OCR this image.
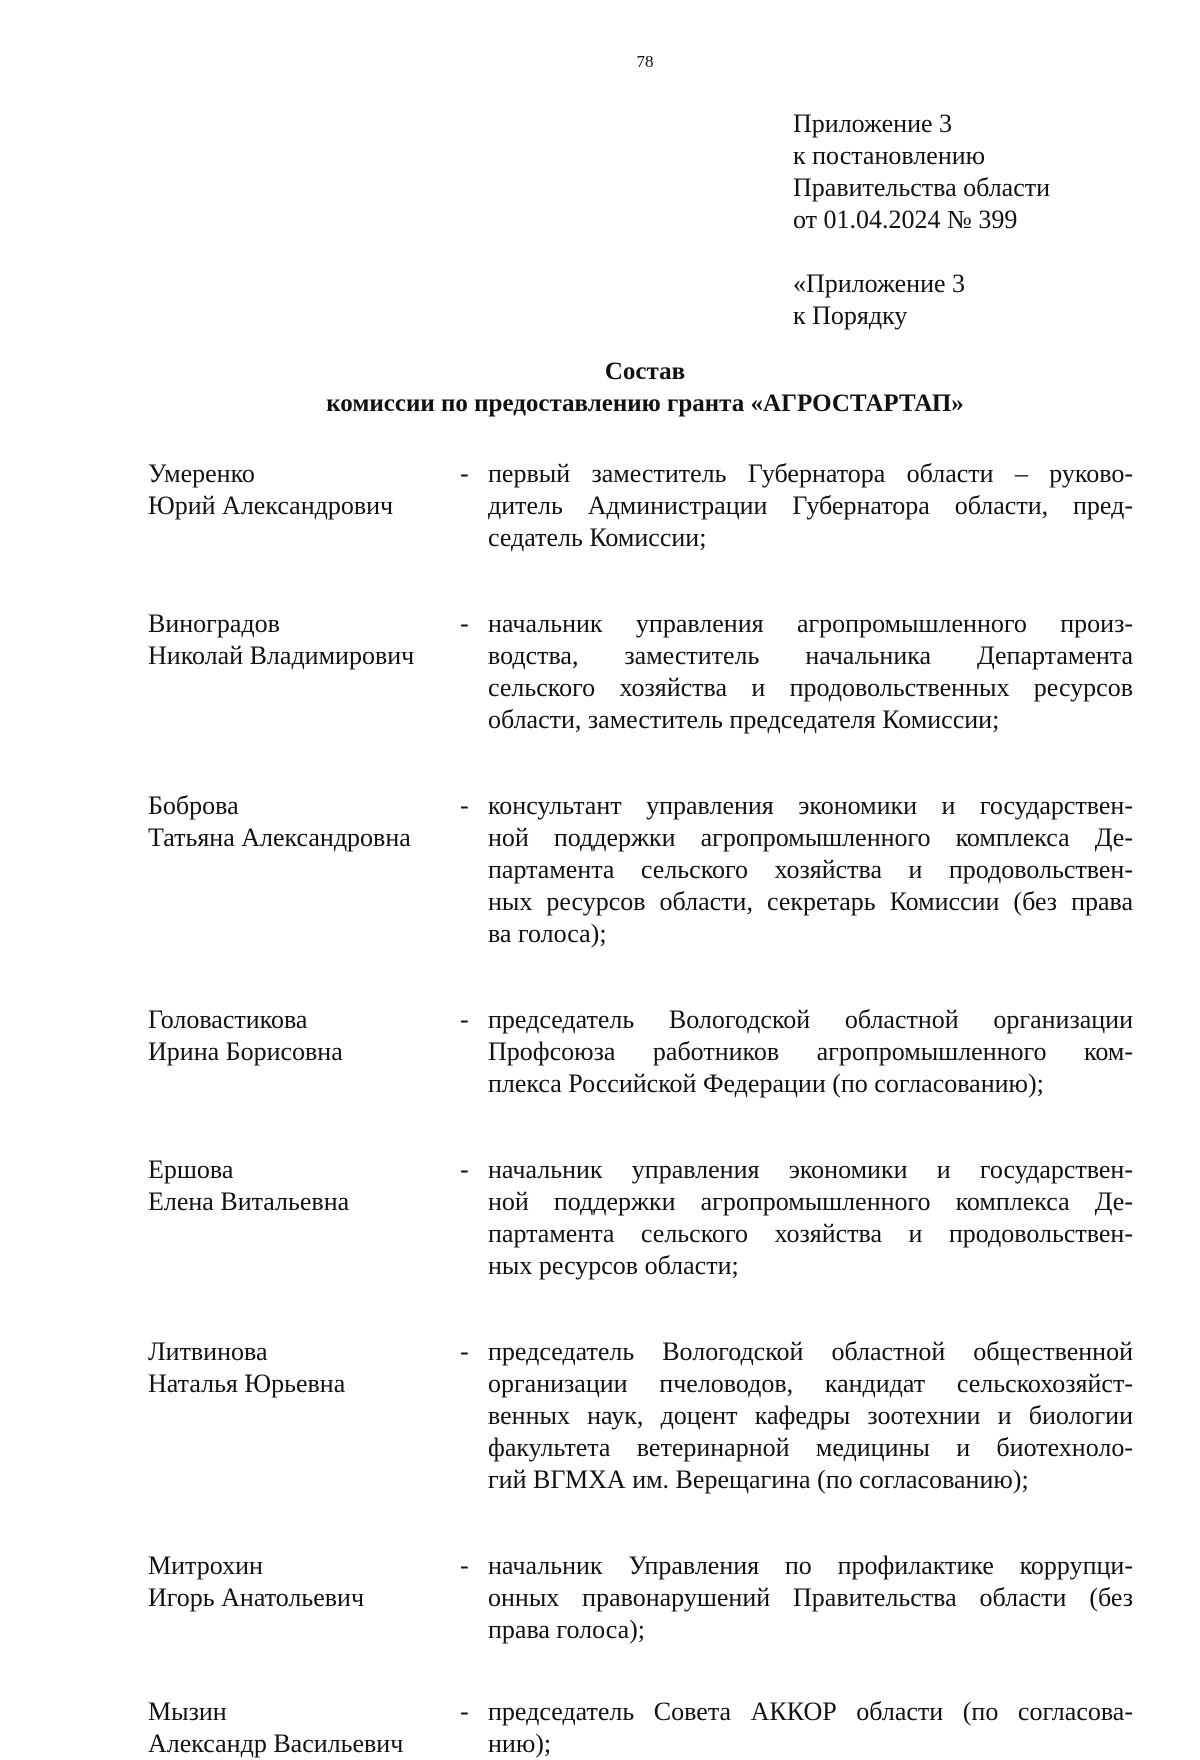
78
Приложение 3
к постановлению
Правительства области
от 01.04.2024 № 399
«Приложение 3
к Порядку
Состав
комиссии по предоставлению гранта «АГРОСТАРТАП»
Умеренко
Юрий Александрович
- первый заместитель Губернатора области – руково-
дитель Администрации Губернатора области, пред-
седатель Комиссии;
Виноградов
Николай Владимирович
- начальник управления агропромышленного произ-
водства, заместитель начальника Департамента
сельского хозяйства и продовольственных ресурсов
области, заместитель председателя Комиссии;
Боброва
Татьяна Александровна
- консультант управления экономики и государствен-
ной поддержки агропромышленного комплекса Де-
партамента сельского хозяйства и продовольствен-
ных ресурсов области, секретарь Комиссии (без права
ва голоса);
Головастикова
Ирина Борисовна
- председатель Вологодской областной организации
Профсоюза работников агропромышленного ком-
плекса Российской Федерации (по согласованию);
Ершова
Елена Витальевна
- начальник управления экономики и государствен-
ной поддержки агропромышленного комплекса Де-
партамента сельского хозяйства и продовольствен-
ных ресурсов области;
Литвинова
Наталья Юрьевна
- председатель Вологодской областной общественной
организации пчеловодов, кандидат сельскохозяйст-
венных наук, доцент кафедры зоотехнии и биологии
факультета ветеринарной медицины и биотехноло-
гий ВГМХА им. Верещагина (по согласованию);
Митрохин
Игорь Анатольевич
- начальник Управления по профилактике коррупци-
онных правонарушений Правительства области (без
права голоса);
Мызин
Александр Васильевич
- председатель Совета АККОР области (по согласова-
нию);
